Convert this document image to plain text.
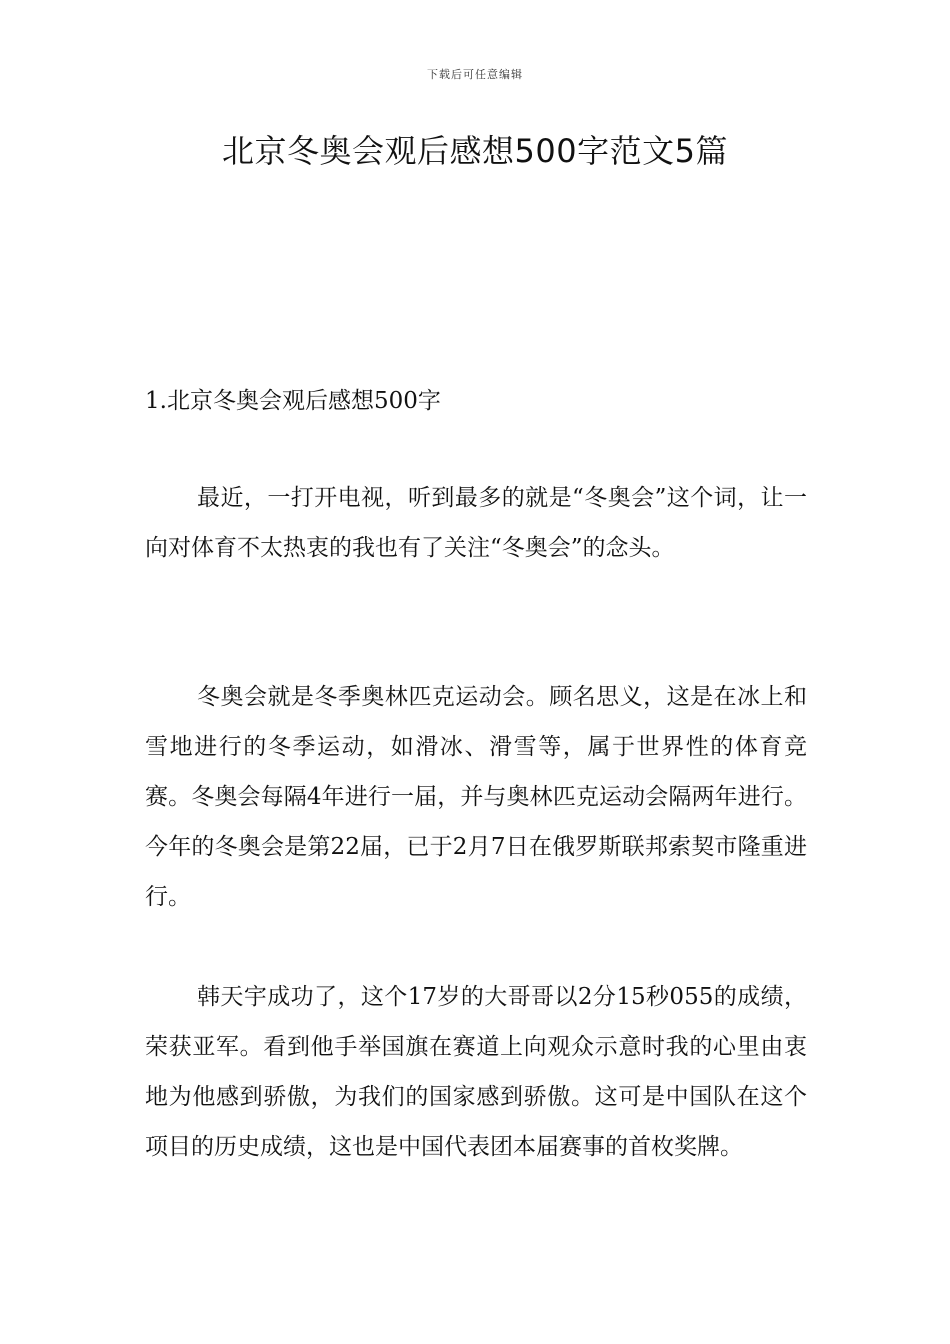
下载后可任意编辑
北京冬奥会观后感想500字范文5篇
1.北京冬奥会观后感想500字

最近，一打开电视，听到最多的就是“冬奥会”这个词，让一向对体育不太热衷的我也有了关注“冬奥会”的念头。

冬奥会就是冬季奥林匹克运动会。顾名思义，这是在冰上和雪地进行的冬季运动，如滑冰、滑雪等，属于世界性的体育竞赛。冬奥会每隔4年进行一届，并与奥林匹克运动会隔两年进行。今年的冬奥会是第22届，已于2月7日在俄罗斯联邦索契市隆重进行。

韩天宇成功了，这个17岁的大哥哥以2分15秒055的成绩，荣获亚军。看到他手举国旗在赛道上向观众示意时我的心里由衷地为他感到骄傲，为我们的国家感到骄傲。这可是中国队在这个项目的历史成绩，这也是中国代表团本届赛事的首枚奖牌。
